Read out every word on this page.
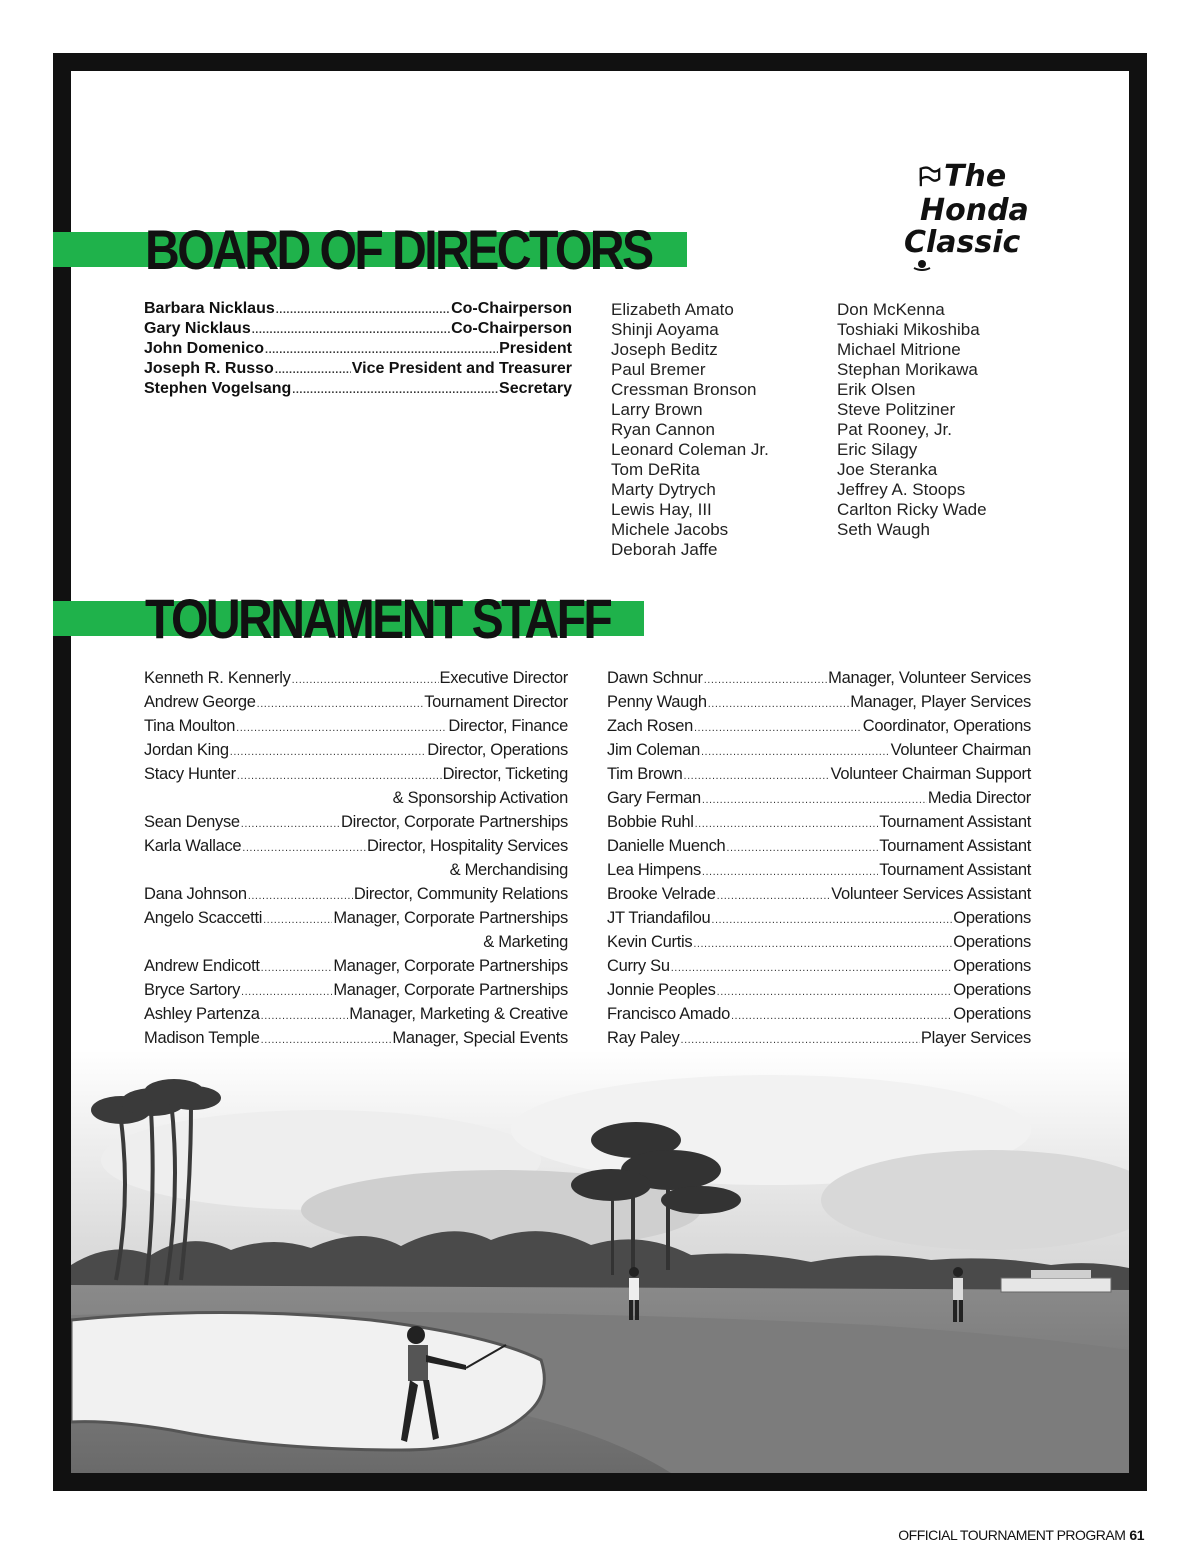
The
Honda
Classic
BOARD OF DIRECTORS
Barbara Nicklaus .....	Co-Chairperson
Gary Nicklaus .....	Co-Chairperson
John Domenico .....	President
Joseph R. Russo .....	Vice President and Treasurer
Stephen Vogelsang .....	Secretary
Elizabeth Amato
Shinji Aoyama
Joseph Beditz
Paul Bremer
Cressman Bronson
Larry Brown
Ryan Cannon
Leonard Coleman Jr.
Tom DeRita
Marty Dytrych
Lewis Hay, III
Michele Jacobs
Deborah Jaffe
Don McKenna
Toshiaki Mikoshiba
Michael Mitrione
Stephan Morikawa
Erik Olsen
Steve Politziner
Pat Rooney, Jr.
Eric Silagy
Joe Steranka
Jeffrey A. Stoops
Carlton Ricky Wade
Seth Waugh
TOURNAMENT STAFF
Kenneth R. Kennerly .....	Executive Director
Andrew George .....	Tournament Director
Tina Moulton .....	Director, Finance
Jordan King .....	Director, Operations
Stacy Hunter .....	Director, Ticketing
& Sponsorship Activation
Sean Denyse .....	Director, Corporate Partnerships
Karla Wallace .....	Director, Hospitality Services
& Merchandising
Dana Johnson .....	Director, Community Relations
Angelo Scaccetti .....	Manager, Corporate Partnerships
& Marketing
Andrew Endicott .....	Manager, Corporate Partnerships
Bryce Sartory .....	Manager, Corporate Partnerships
Ashley Partenza .....	Manager, Marketing & Creative
Madison Temple .....	Manager, Special Events
Dawn Schnur .....	Manager, Volunteer Services
Penny Waugh .....	Manager, Player Services
Zach Rosen .....	Coordinator, Operations
Jim Coleman .....	Volunteer Chairman
Tim Brown .....	Volunteer Chairman Support
Gary Ferman .....	Media Director
Bobbie Ruhl .....	Tournament Assistant
Danielle Muench .....	Tournament Assistant
Lea Himpens .....	Tournament Assistant
Brooke Velrade .....	Volunteer Services Assistant
JT Triandafilou .....	Operations
Kevin Curtis .....	Operations
Curry Su .....	Operations
Jonnie Peoples .....	Operations
Francisco Amado .....	Operations
Ray Paley .....	Player Services
OFFICIAL TOURNAMENT PROGRAM 61
